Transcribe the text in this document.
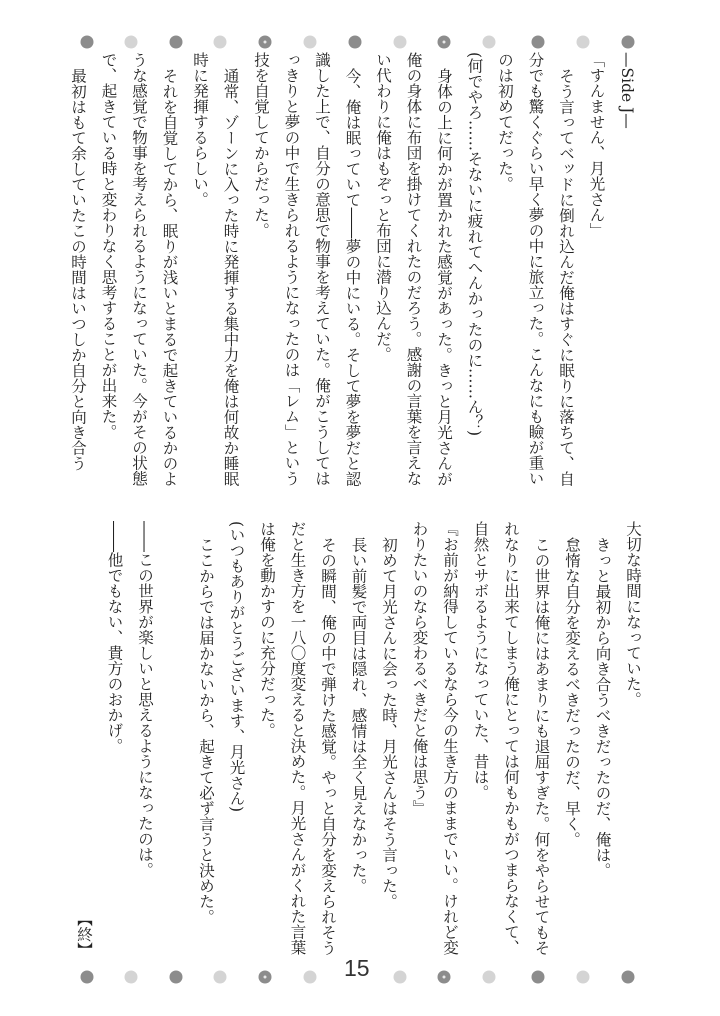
—Side J—

「すんません、月光さん」

そう言ってベッドに倒れ込んだ俺はすぐに眠りに落ちて、自

分でも驚くぐらい早く夢の中に旅立った。こんなにも瞼が重い

のは初めてだった。

(何でやろ……そないに疲れてへんかったのに……ん？)

身体の上に何かが置かれた感覚があった。きっと月光さんが

俺の身体に布団を掛けてくれたのだろう。感謝の言葉を言えな

い代わりに俺はもぞっと布団に潜り込んだ。

今、俺は眠っていて――夢の中にいる。そして夢を夢だと認

識した上で、自分の意思で物事を考えていた。俺がこうしては

っきりと夢の中で生きられるようになったのは「レム」という

技を自覚してからだった。

通常、ゾーンに入った時に発揮する集中力を俺は何故か睡眠

時に発揮するらしい。

それを自覚してから、眠りが浅いとまるで起きているかのよ

うな感覚で物事を考えられるようになっていた。今がその状態

で、起きている時と変わりなく思考することが出来た。

最初はもて余していたこの時間はいつしか自分と向き合う

大切な時間になっていた。

きっと最初から向き合うべきだったのだ、俺は。

怠惰な自分を変えるべきだったのだ、早く。

この世界は俺にはあまりにも退屈すぎた。何をやらせてもそ

れなりに出来てしまう俺にとっては何もかもがつまらなくて、

自然とサボるようになっていた、昔は。

『お前が納得しているなら今の生き方のままでいい。けれど変

わりたいのなら変わるべきだと俺は思う』

初めて月光さんに会った時、月光さんはそう言った。

長い前髪で両目は隠れ、感情は全く見えなかった。

その瞬間、俺の中で弾けた感覚。やっと自分を変えられそう

だと生き方を一八〇度変えると決めた。月光さんがくれた言葉

は俺を動かすのに充分だった。

(いつもありがとうございます、月光さん)

ここからでは届かないから、起きて必ず言うと決めた。

――この世界が楽しいと思えるようになったのは。

――他でもない、貴方のおかげ。

【終】

15
